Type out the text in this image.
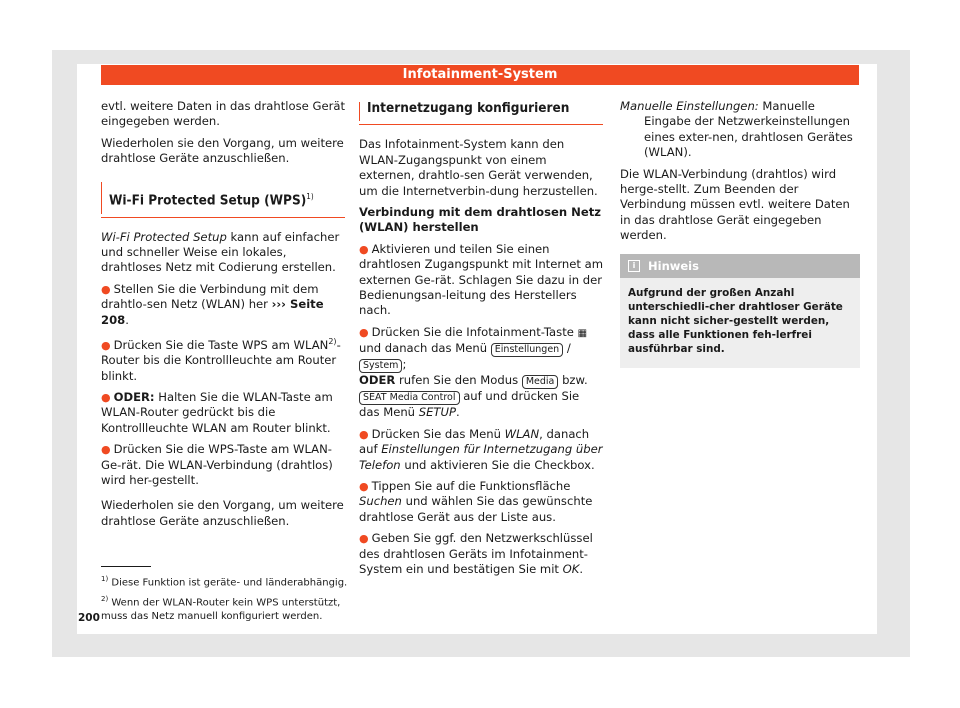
Infotainment-System

evtl. weitere Daten in das drahtlose Gerät eingegeben werden.

Wiederholen sie den Vorgang, um weitere drahtlose Geräte anzuschließen.

Wi-Fi Protected Setup (WPS)$^{1)}$

Wi-Fi Protected Setup kann auf einfacher und schneller Weise ein lokales, drahtloses Netz mit Codierung erstellen.

● Stellen Sie die Verbindung mit dem drahtlo-sen Netz (WLAN) her ››› Seite 208.

● Drücken Sie die Taste WPS am WLAN$^{2)}$-Router bis die Kontrollleuchte am Router blinkt.

● ODER: Halten Sie die WLAN-Taste am WLAN-Router gedrückt bis die Kontrollleuchte WLAN am Router blinkt.

● Drücken Sie die WPS-Taste am WLAN-Ge-rät. Die WLAN-Verbindung (drahtlos) wird her-gestellt.

Wiederholen sie den Vorgang, um weitere drahtlose Geräte anzuschließen.

Internetzugang konfigurieren

Das Infotainment-System kann den WLAN-Zugangspunkt von einem externen, drahtlo-sen Gerät verwenden, um die Internetverbin-dung herzustellen.

Verbindung mit dem drahtlosen Netz (WLAN) herstellen

● Aktivieren und teilen Sie einen drahtlosen Zugangspunkt mit Internet am externen Ge-rät. Schlagen Sie dazu in der Bedienungsan-leitung des Herstellers nach.

● Drücken Sie die Infotainment-Taste ▦ und danach das Menü Einstellungen / System ;
ODER rufen Sie den Modus Media bzw. SEAT Media Control auf und drücken Sie das Menü SETUP.

● Drücken Sie das Menü WLAN, danach auf Einstellungen für Internetzugang über Telefon und aktivieren Sie die Checkbox.

● Tippen Sie auf die Funktionsfläche Suchen und wählen Sie das gewünschte drahtlose Gerät aus der Liste aus.

● Geben Sie ggf. den Netzwerkschlüssel des drahtlosen Geräts im Infotainment-System ein und bestätigen Sie mit OK.

Manuelle Einstellungen: Manuelle Eingabe der Netzwerkeinstellungen eines exter-nen, drahtlosen Gerätes (WLAN).

Die WLAN-Verbindung (drahtlos) wird herge-stellt. Zum Beenden der Verbindung müssen evtl. weitere Daten in das drahtlose Gerät eingegeben werden.

i Hinweis
Aufgrund der großen Anzahl unterschiedli-cher drahtloser Geräte kann nicht sicher-gestellt werden, dass alle Funktionen feh-lerfrei ausführbar sind.
$^{1)}$ Diese Funktion ist geräte- und länderabhängig.
$^{2)}$ Wenn der WLAN-Router kein WPS unterstützt, muss das Netz manuell konfiguriert werden.
200
